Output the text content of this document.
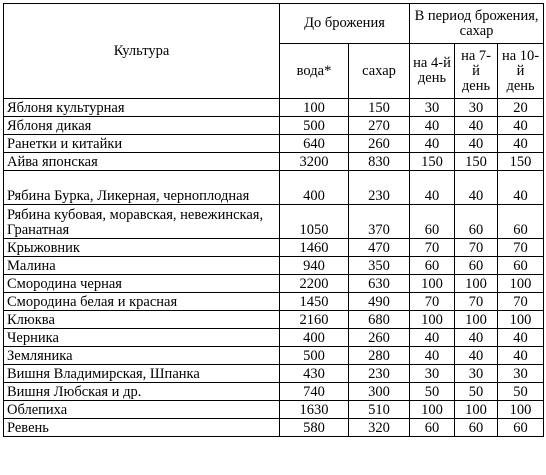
Культура	До брожения		В период брожения, сахар		
	вода*	сахар	на 4-й день	на 7-й день	на 10-й день
Яблоня культурная	100	150	30	30	20
Яблоня дикая	500	270	40	40	40
Ранетки и китайки	640	260	40	40	40
Айва японская	3200	830	150	150	150
Рябина Бурка, Ликерная, черноплодная	400	230	40	40	40
Рябина кубовая, моравская, невежинская, Гранатная	1050	370	60	60	60
Крыжовник	1460	470	70	70	70
Малина	940	350	60	60	60
Смородина черная	2200	630	100	100	100
Смородина белая и красная	1450	490	70	70	70
Клюква	2160	680	100	100	100
Черника	400	260	40	40	40
Земляника	500	280	40	40	40
Вишня Владимирская, Шпанка	430	230	30	30	30
Вишня Любская и др.	740	300	50	50	50
Облепиха	1630	510	100	100	100
Ревень	580	320	60	60	60
